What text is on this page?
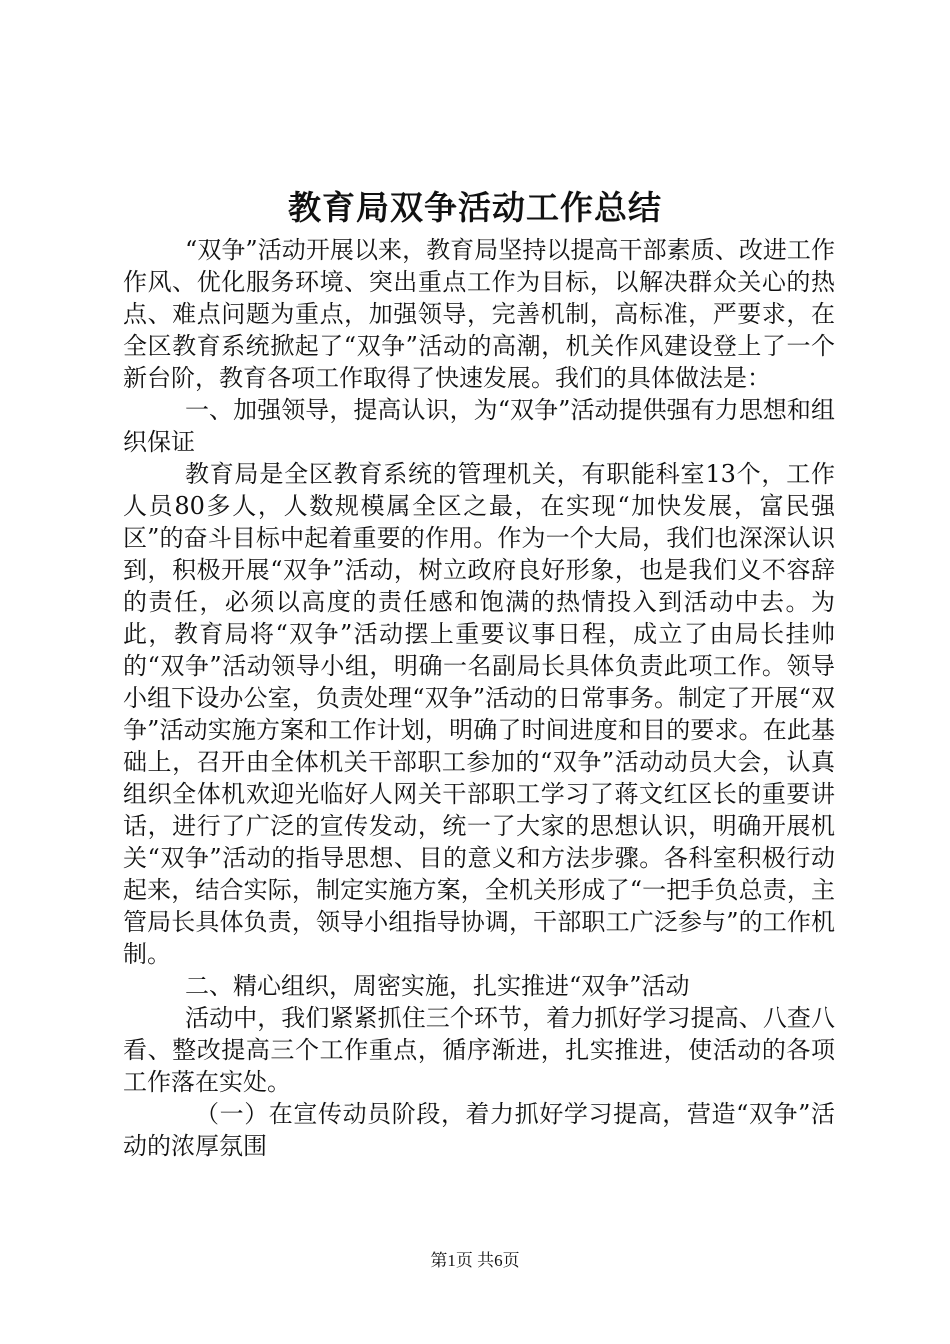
教育局双争活动工作总结

“双争”活动开展以来，教育局坚持以提高干部素质、改进工作作风、优化服务环境、突出重点工作为目标，以解决群众关心的热点、难点问题为重点，加强领导，完善机制，高标准，严要求，在全区教育系统掀起了“双争”活动的高潮，机关作风建设登上了一个新台阶，教育各项工作取得了快速发展。我们的具体做法是：

一、加强领导，提高认识，为“双争”活动提供强有力思想和组织保证

教育局是全区教育系统的管理机关，有职能科室13个，工作人员80多人，人数规模属全区之最，在实现“加快发展，富民强区”的奋斗目标中起着重要的作用。作为一个大局，我们也深深认识到，积极开展“双争”活动，树立政府良好形象，也是我们义不容辞的责任，必须以高度的责任感和饱满的热情投入到活动中去。为此，教育局将“双争”活动摆上重要议事日程，成立了由局长挂帅的“双争”活动领导小组，明确一名副局长具体负责此项工作。领导小组下设办公室，负责处理“双争”活动的日常事务。制定了开展“双争”活动实施方案和工作计划，明确了时间进度和目的要求。在此基础上，召开由全体机关干部职工参加的“双争”活动动员大会，认真组织全体机欢迎光临好人网关干部职工学习了蒋文红区长的重要讲话，进行了广泛的宣传发动，统一了大家的思想认识，明确开展机关“双争”活动的指导思想、目的意义和方法步骤。各科室积极行动起来，结合实际，制定实施方案，全机关形成了“一把手负总责，主管局长具体负责，领导小组指导协调，干部职工广泛参与”的工作机制。

二、精心组织，周密实施，扎实推进“双争”活动

活动中，我们紧紧抓住三个环节，着力抓好学习提高、八查八看、整改提高三个工作重点，循序渐进，扎实推进，使活动的各项工作落在实处。

（一）在宣传动员阶段，着力抓好学习提高，营造“双争”活动的浓厚氛围

第1页 共6页
